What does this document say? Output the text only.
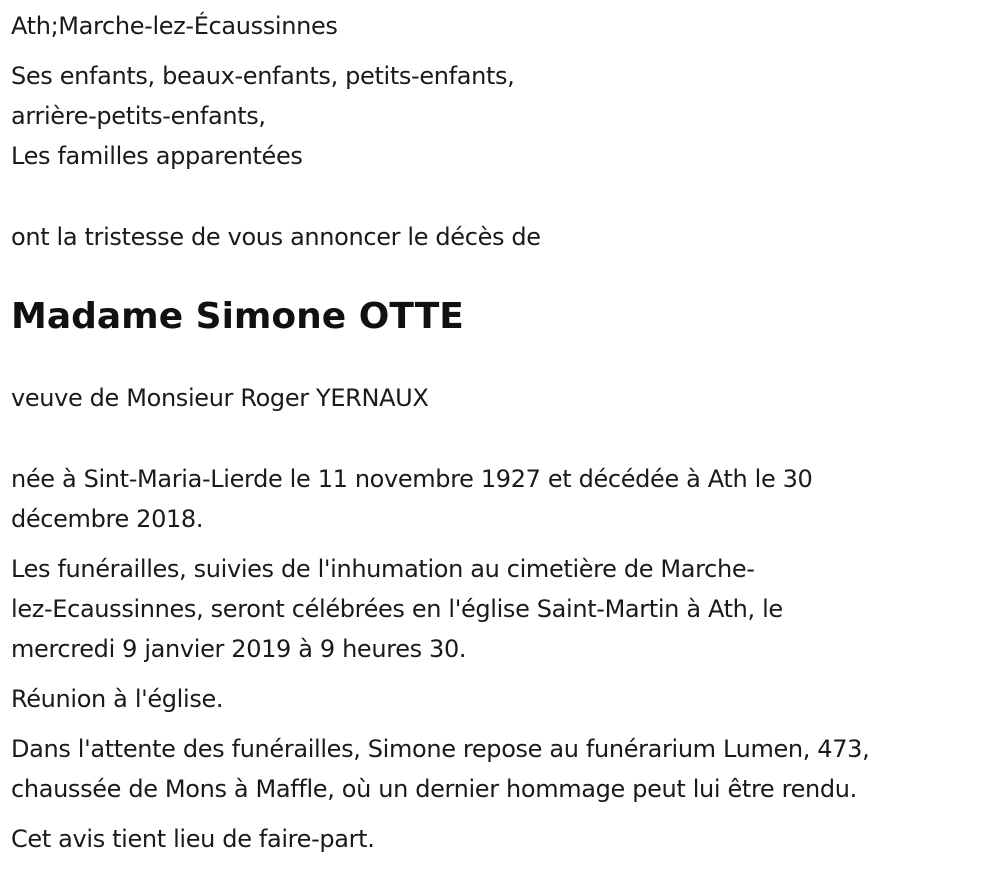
Ath;Marche-lez-Écaussinnes

Ses enfants, beaux-enfants, petits-enfants,
arrière-petits-enfants,
Les familles apparentées

ont la tristesse de vous annoncer le décès de

Madame Simone OTTE

veuve de Monsieur Roger YERNAUX

née à Sint-Maria-Lierde le 11 novembre 1927 et décédée à Ath le 30
décembre 2018.

Les funérailles, suivies de l'inhumation au cimetière de Marche-
lez-Ecaussinnes, seront célébrées en l'église Saint-Martin à Ath, le
mercredi 9 janvier 2019 à 9 heures 30.

Réunion à l'église.

Dans l'attente des funérailles, Simone repose au funérarium Lumen, 473,
chaussée de Mons à Maffle, où un dernier hommage peut lui être rendu.

Cet avis tient lieu de faire-part.
